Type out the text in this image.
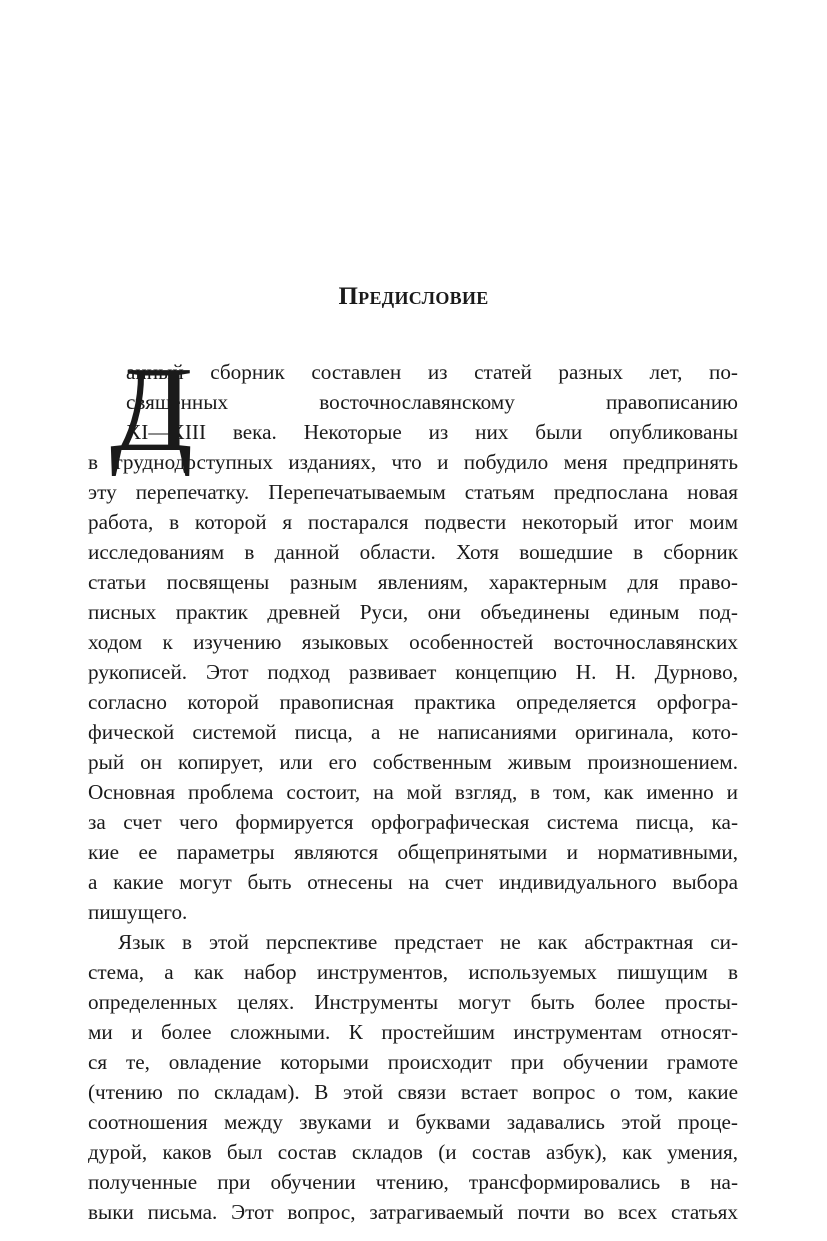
Предисловие
Д
анный сборник составлен из статей разных лет, по-
священных восточнославянскому правописанию
XI—XIII века. Некоторые из них были опубликованы
в труднодоступных изданиях, что и побудило меня предпринять
эту перепечатку. Перепечатываемым статьям предпослана новая
работа, в которой я постарался подвести некоторый итог моим
исследованиям в данной области. Хотя вошедшие в сборник
статьи посвящены разным явлениям, характерным для право-
писных практик древней Руси, они объединены единым под-
ходом к изучению языковых особенностей восточнославянских
рукописей. Этот подход развивает концепцию Н. Н. Дурново,
согласно которой правописная практика определяется орфогра-
фической системой писца, а не написаниями оригинала, кото-
рый он копирует, или его собственным живым произношением.
Основная проблема состоит, на мой взгляд, в том, как именно и
за счет чего формируется орфографическая система писца, ка-
кие ее параметры являются общепринятыми и нормативными,
а какие могут быть отнесены на счет индивидуального выбора
пишущего.
Язык в этой перспективе предстает не как абстрактная си-
стема, а как набор инструментов, используемых пишущим в
определенных целях. Инструменты могут быть более просты-
ми и более сложными. К простейшим инструментам относят-
ся те, овладение которыми происходит при обучении грамоте
(чтению по складам). В этой связи встает вопрос о том, какие
соотношения между звуками и буквами задавались этой проце-
дурой, каков был состав складов (и состав азбук), как умения,
полученные при обучении чтению, трансформировались в на-
выки письма. Этот вопрос, затрагиваемый почти во всех статьях
